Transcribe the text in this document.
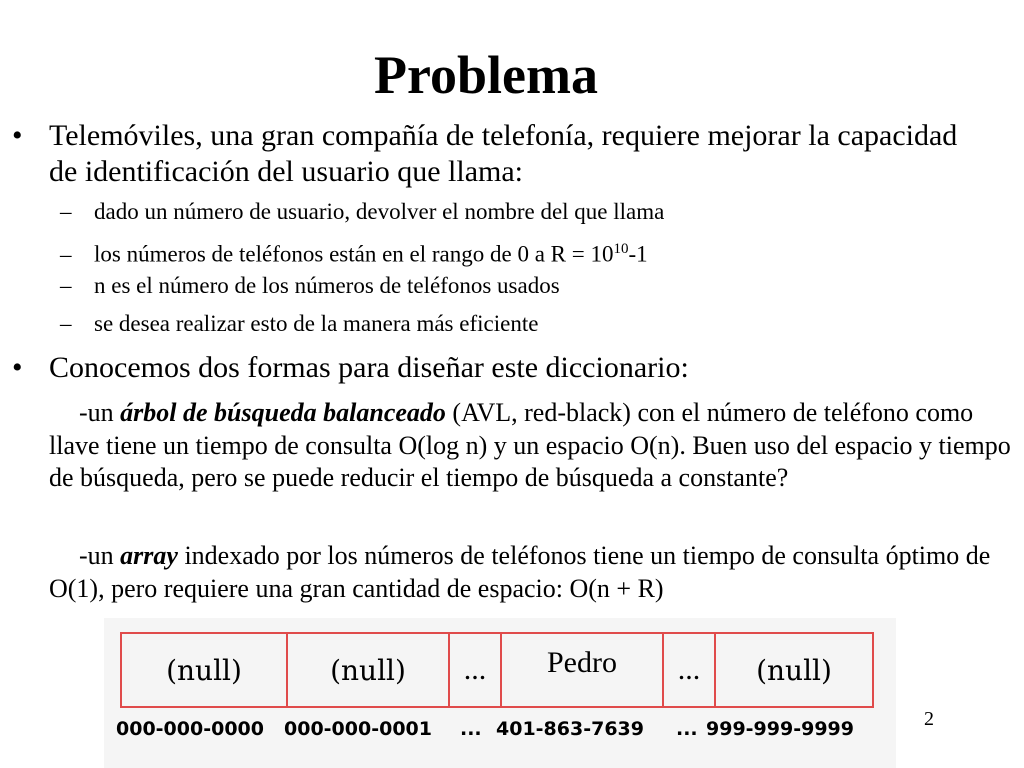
Problema
• Telemóviles, una gran compañía de telefonía, requiere mejorar la capacidad de identificación del usuario que llama:
– dado un número de usuario, devolver el nombre del que llama
– los números de teléfonos están en el rango de 0 a $R = 10^{10}-1$
– n es el número de los números de teléfonos usados
– se desea realizar esto de la manera más eficiente
• Conocemos dos formas para diseñar este diccionario:
-un árbol de búsqueda balanceado (AVL, red-black) con el número de teléfono como llave tiene un tiempo de consulta O(log n) y un espacio O(n). Buen uso del espacio y tiempo de búsqueda, pero se puede reducir el tiempo de búsqueda a constante?
-un array indexado por los números de teléfonos tiene un tiempo de consulta óptimo de O(1), pero requiere una gran cantidad de espacio: O(n + R)
(null)	(null)	...	Pedro	...	(null)
000-000-0000 000-000-0001 ... 401-863-7639 ... 999-999-9999	2
